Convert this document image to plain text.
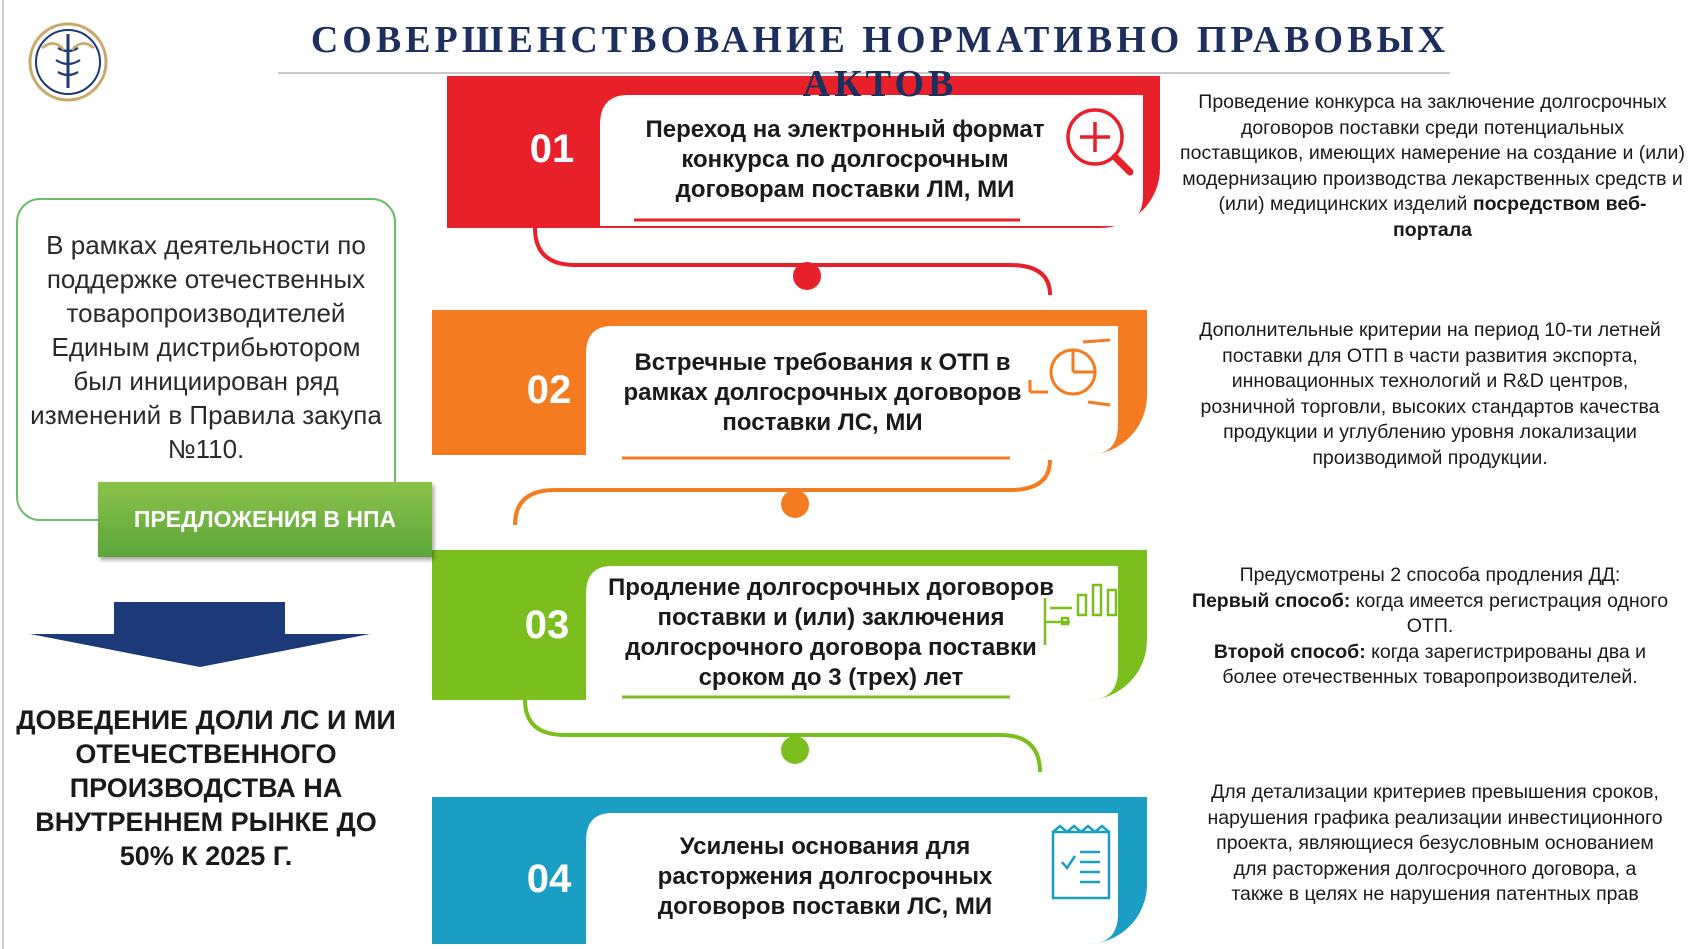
СОВЕРШЕНСТВОВАНИЕ НОРМАТИВНО ПРАВОВЫХ АКТОВ
В рамках деятельности по поддержке отечественных товаропроизводителей Единым дистрибьютором был инициирован ряд изменений в Правила закупа №110.
ПРЕДЛОЖЕНИЯ В НПА
ДОВЕДЕНИЕ ДОЛИ ЛС И МИ ОТЕЧЕСТВЕННОГО ПРОИЗВОДСТВА НА ВНУТРЕННЕМ РЫНКЕ ДО 50% К 2025 Г.
01
02
03
04
Переход на электронный формат конкурса по долгосрочным договорам поставки ЛМ, МИ
Встречные требования к ОТП в рамках долгосрочных договоров поставки ЛС, МИ
Продление долгосрочных договоров поставки и (или) заключения долгосрочного договора поставки сроком до 3 (трех) лет
Усилены основания для расторжения долгосрочных договоров поставки ЛС, МИ
Проведение конкурса на заключение долгосрочных договоров поставки среди потенциальных поставщиков, имеющих намерение на создание и (или) модернизацию производства лекарственных средств и (или) медицинских изделий посредством веб-портала
Дополнительные критерии на период 10-ти летней поставки для ОТП в части развития экспорта, инновационных технологий и R&D центров, розничной торговли, высоких стандартов качества продукции и углублению уровня локализации производимой продукции.
Предусмотрены 2 способа продления ДД:
Первый способ: когда имеется регистрация одного ОТП.
Второй способ: когда зарегистрированы два и более отечественных товаропроизводителей.
Для детализации критериев превышения сроков, нарушения графика реализации инвестиционного проекта, являющиеся безусловным основанием для расторжения долгосрочного договора, а также в целях не нарушения патентных прав
